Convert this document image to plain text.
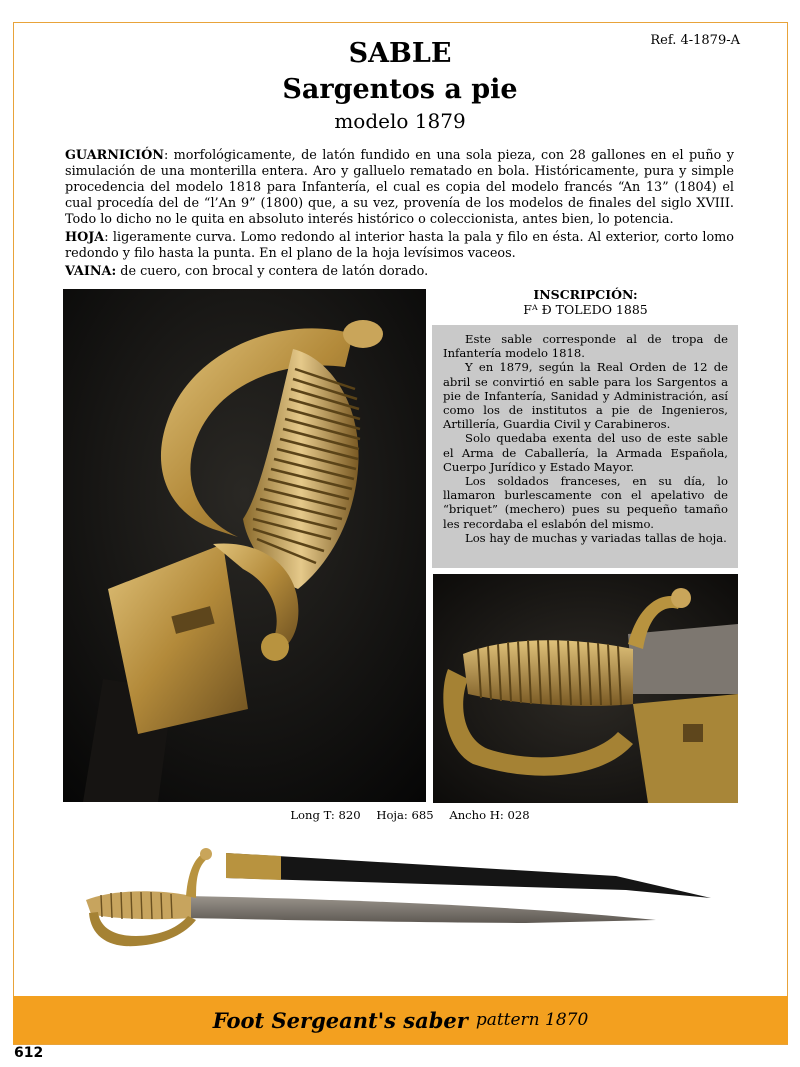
Ref. 4-1879-A
SABLE
Sargentos a pie
modelo 1879

GUARNICIÓN: morfológicamente, de latón fundido en una sola pieza, con 28 gallones en el puño y simulación de una monterilla entera. Aro y galluelo rematado en bola. Históricamente, pura y simple procedencia del modelo 1818 para Infantería, el cual es copia del modelo francés “An 13” (1804) el cual procedía del de “l’An 9” (1800) que, a su vez, provenía de los modelos de finales del siglo XVIII. Todo lo dicho no le quita en absoluto interés histórico o coleccionista, antes bien, lo potencia.

HOJA: ligeramente curva. Lomo redondo al interior hasta la pala y filo en ésta. Al exterior, corto lomo redondo y filo hasta la punta. En el plano de la hoja levísimos vaceos.

VAINA: de cuero, con brocal y contera de latón dorado.

INSCRIPCIÓN:
Fᴬ Ð TOLEDO 1885

Este sable corresponde al de tropa de Infantería modelo 1818.

Y en 1879, según la Real Orden de 12 de abril se convirtió en sable para los Sargentos a pie de Infantería, Sanidad y Administración, así como los de institutos a pie de Ingenieros, Artillería, Guardia Civil y Carabineros.

Solo quedaba exenta del uso de este sable el Arma de Caballería, la Armada Española, Cuerpo Jurídico y Estado Mayor.

Los soldados franceses, en su día, lo llamaron burlescamente con el apelativo de “briquet” (mechero) pues su pequeño tamaño les recordaba el eslabón del mismo.

Los hay de muchas y variadas tallas de hoja.

Long T: 820 Hoja: 685 Ancho H: 028
Foot Sergeant's saber pattern 1870
612
